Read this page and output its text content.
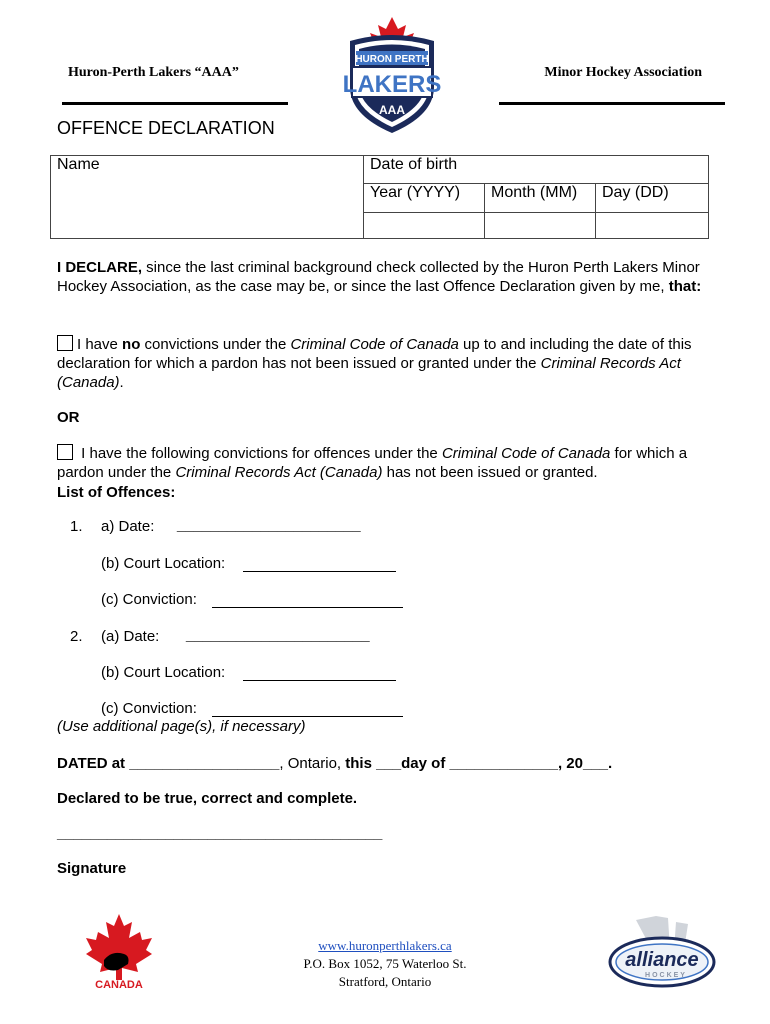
Huron-Perth Lakers “AAA”	Minor Hockey Association
HURON PERTH
LAKERS
AAA
OFFENCE DECLARATION
Name	Date of birth		
	Year (YYYY)	Month (MM)	Day (DD)

I DECLARE, since the last criminal background check collected by the Huron Perth Lakers Minor Hockey Association, as the case may be, or since the last Offence Declaration given by me, that:
I have no convictions under the Criminal Code of Canada up to and including the date of this declaration for which a pardon has not been issued or granted under the Criminal Records Act (Canada).
OR
I have the following convictions for offences under the Criminal Code of Canada for which a pardon under the Criminal Records Act (Canada) has not been issued or granted.
List of Offences:
1. a) Date: ______________________
(b) Court Location:
(c) Conviction:
2. (a) Date: ______________________
(b) Court Location:
(c) Conviction:
(Use additional page(s), if necessary)
DATED at __________________, Ontario, this ___day of _____________, 20___.
Declared to be true, correct and complete.
_______________________________________
Signature
CANADA
www.huronperthlakers.ca
P.O. Box 1052, 75 Waterloo St.
Stratford, Ontario
alliance
HOCKEY
